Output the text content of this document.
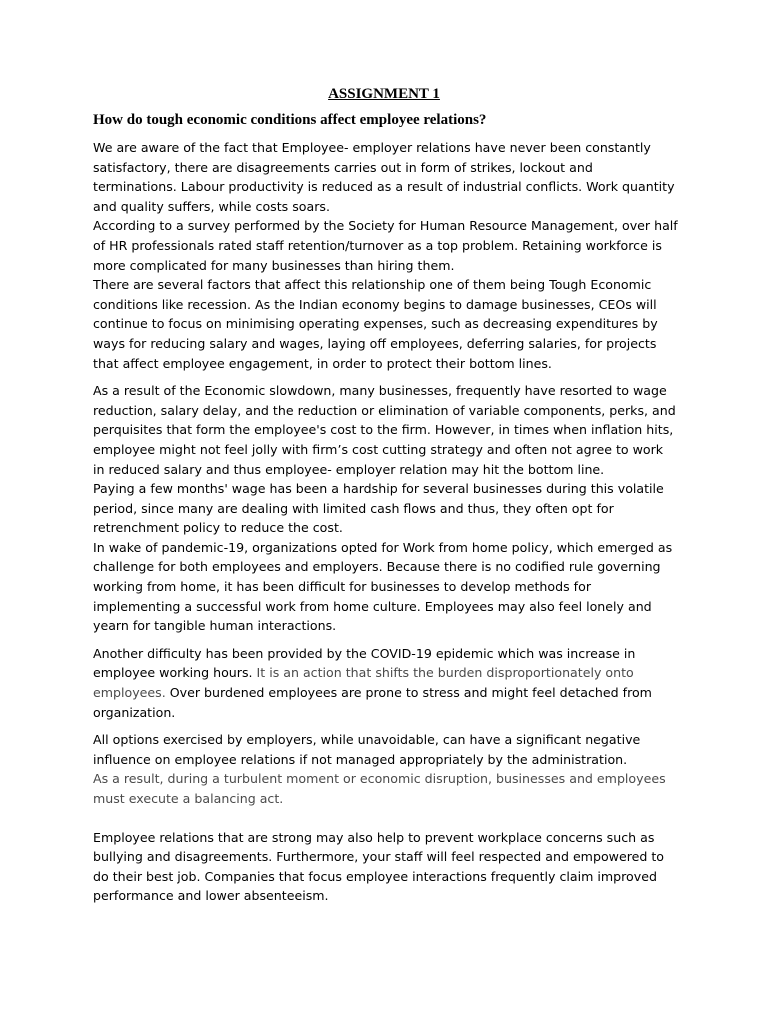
ASSIGNMENT 1
How do tough economic conditions affect employee relations?

We are aware of the fact that Employee- employer relations have never been constantly satisfactory, there are disagreements carries out in form of strikes, lockout and terminations. Labour productivity is reduced as a result of industrial conflicts. Work quantity and quality suffers, while costs soars.

According to a survey performed by the Society for Human Resource Management, over half of HR professionals rated staff retention/turnover as a top problem. Retaining workforce is more complicated for many businesses than hiring them.

There are several factors that affect this relationship one of them being Tough Economic conditions like recession. As the Indian economy begins to damage businesses, CEOs will continue to focus on minimising operating expenses, such as decreasing expenditures by ways for reducing salary and wages, laying off employees, deferring salaries, for projects that affect employee engagement, in order to protect their bottom lines.

As a result of the Economic slowdown, many businesses, frequently have resorted to wage reduction, salary delay, and the reduction or elimination of variable components, perks, and perquisites that form the employee's cost to the firm. However, in times when inflation hits, employee might not feel jolly with firm’s cost cutting strategy and often not agree to work in reduced salary and thus employee- employer relation may hit the bottom line.

Paying a few months' wage has been a hardship for several businesses during this volatile period, since many are dealing with limited cash flows and thus, they often opt for retrenchment policy to reduce the cost.

In wake of pandemic-19, organizations opted for Work from home policy, which emerged as challenge for both employees and employers. Because there is no codified rule governing working from home, it has been difficult for businesses to develop methods for implementing a successful work from home culture. Employees may also feel lonely and yearn for tangible human interactions.

Another difficulty has been provided by the COVID-19 epidemic which was increase in employee working hours. It is an action that shifts the burden disproportionately onto employees. Over burdened employees are prone to stress and might feel detached from organization.

All options exercised by employers, while unavoidable, can have a significant negative influence on employee relations if not managed appropriately by the administration.

As a result, during a turbulent moment or economic disruption, businesses and employees must execute a balancing act.

Employee relations that are strong may also help to prevent workplace concerns such as bullying and disagreements. Furthermore, your staff will feel respected and empowered to do their best job. Companies that focus employee interactions frequently claim improved performance and lower absenteeism.
